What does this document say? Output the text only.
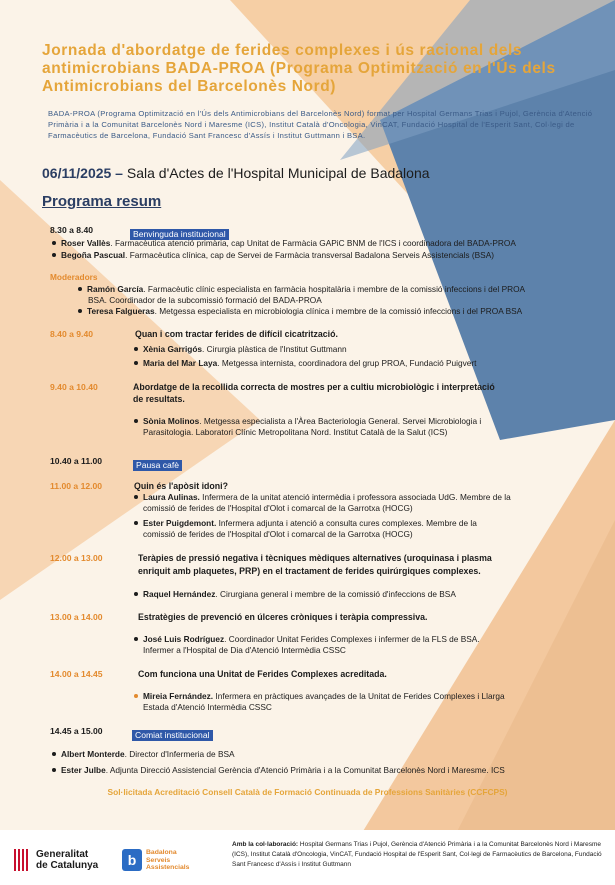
Jornada d'abordatge de ferides complexes i ús racional dels antimicrobians BADA-PROA (Programa Optimització en l'Ús dels Antimicrobians del Barcelonès Nord)
BADA-PROA (Programa Optimització en l'Ús dels Antimicrobians del Barcelonès Nord) format per Hospital Germans Trias i Pujol, Gerència d'Atenció Primària i a la Comunitat Barcelonès Nord i Maresme (ICS), Institut Català d'Oncologia, VinCAT, Fundació Hospital de l'Esperit Sant, Col·legi de Farmacèutics de Barcelona, Fundació Sant Francesc d'Assís i Institut Guttmann i BSA.
06/11/2025 – Sala d'Actes de l'Hospital Municipal de Badalona
Programa resum
8.30 a 8.40	Benvinguda institucional
Roser Vallès. Farmacèutica atenció primària, cap Unitat de Farmàcia GAPiC BNM de l'ICS i coordinadora del BADA-PROA
Begoña Pascual. Farmacèutica clínica, cap de Servei de Farmàcia transversal Badalona Serveis Assistencials (BSA)
Moderadors
Ramón García. Farmacèutic clínic especialista en farmàcia hospitalària i membre de la comissió infeccions i del PROA
BSA. Coordinador de la subcomissió formació del BADA-PROA
Teresa Falgueras. Metgessa especialista en microbiologia clínica i membre de la comissió infeccions i del PROA BSA
8.40 a 9.40	Quan i com tractar ferides de difícil cicatrització.
Xènia Garrigós. Cirurgia plàstica de l'Institut Guttmann
Maria del Mar Laya. Metgessa internista, coordinadora del grup PROA, Fundació Puigvert
9.40 a 10.40	Abordatge de la recollida correcta de mostres per a cultiu microbiològic i interpretació
de resultats.
Sònia Molinos. Metgessa especialista a l'Àrea Bacteriologia General. Servei Microbiologia i
Parasitologia. Laboratori Clínic Metropolitana Nord. Institut Català de la Salut (ICS)
10.40 a 11.00	Pausa cafè
11.00 a 12.00	Quin és l'apòsit idoni?
Laura Aulinas. Infermera de la unitat atenció intermèdia i professora associada UdG. Membre de la
comissió de ferides de l'Hospital d'Olot i comarcal de la Garrotxa (HOCG)
Ester Puigdemont. Infermera adjunta i atenció a consulta cures complexes. Membre de la
comissió de ferides de l'Hospital d'Olot i comarcal de la Garrotxa (HOCG)
12.00 a 13.00	Teràpies de pressió negativa i tècniques mèdiques alternatives (uroquinasa i plasma
enriquit amb plaquetes, PRP) en el tractament de ferides quirúrgiques complexes.
Raquel Hernández. Cirurgiana general i membre de la comissió d'infeccions de BSA
13.00 a 14.00	Estratègies de prevenció en úlceres cròniques i teràpia compressiva.
José Luis Rodríguez. Coordinador Unitat Ferides Complexes i infermer de la FLS de BSA.
Infermer a l'Hospital de Dia d'Atenció Intermèdia CSSC
14.00 a 14.45	Com funciona una Unitat de Ferides Complexes acreditada.
Mireia Fernández. Infermera en pràctiques avançades de la Unitat de Ferides Complexes i Llarga
Estada d'Atenció Intermèdia CSSC
14.45 a 15.00	Comiat institucional
Albert Monterde. Director d'Infermeria de BSA
Ester Julbe. Adjunta Direcció Assistencial Gerència d'Atenció Primària i a la Comunitat Barcelonès Nord i Maresme. ICS
Sol·licitada Acreditació Consell Català de Formació Continuada de Professions Sanitàries (CCFCPS)
Generalitat
de Catalunya	b	Badalona
Serveis
Assistencials
Amb la col·laboració: Hospital Germans Trias i Pujol, Gerència d'Atenció Primària i a la Comunitat Barcelonès Nord i Maresme (ICS), Institut Català d'Oncologia, VinCAT, Fundació Hospital de l'Esperit Sant, Col·legi de Farmacèutics de Barcelona, Fundació Sant Francesc d'Assís i Institut Guttmann
